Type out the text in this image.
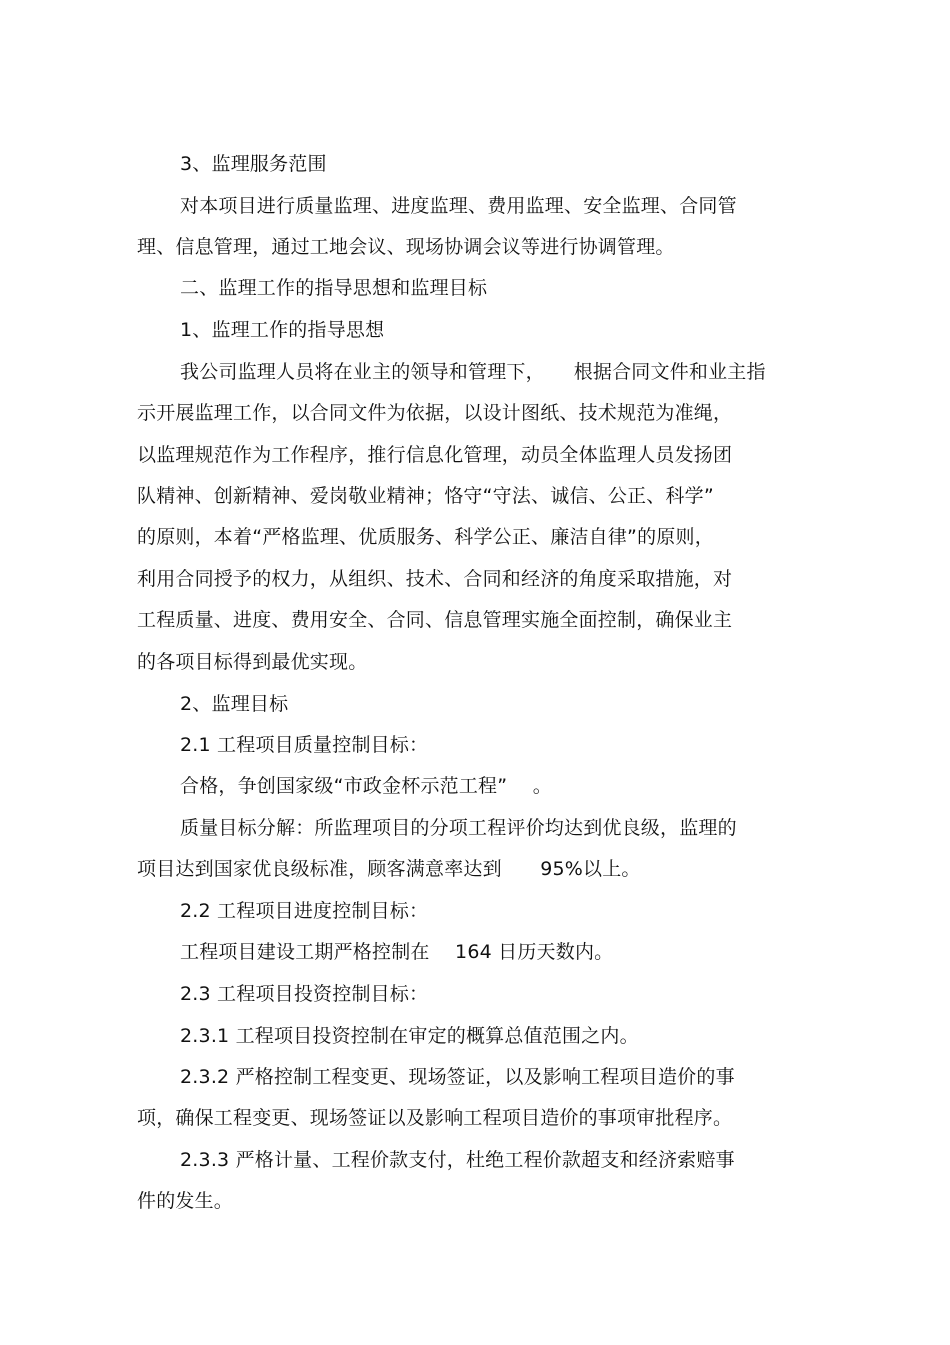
3、监理服务范围
对本项目进行质量监理、进度监理、费用监理、安全监理、合同管
理、信息管理，通过工地会议、现场协调会议等进行协调管理。
二、监理工作的指导思想和监理目标
1、监理工作的指导思想
我公司监理人员将在业主的领导和管理下，　　根据合同文件和业主指
示开展监理工作，以合同文件为依据，以设计图纸、技术规范为准绳，
以监理规范作为工作程序，推行信息化管理，动员全体监理人员发扬团
队精神、创新精神、爱岗敬业精神；恪守“守法、诚信、公正、科学”
的原则，本着“严格监理、优质服务、科学公正、廉洁自律”的原则，
利用合同授予的权力，从组织、技术、合同和经济的角度采取措施，对
工程质量、进度、费用安全、合同、信息管理实施全面控制，确保业主
的各项目标得到最优实现。
2、监理目标
2.1 工程项目质量控制目标：
合格，争创国家级“市政金杯示范工程”　 。
质量目标分解：所监理项目的分项工程评价均达到优良级，监理的
项目达到国家优良级标准，顾客满意率达到　　95%以上。
2.2 工程项目进度控制目标：
工程项目建设工期严格控制在　 164 日历天数内。
2.3 工程项目投资控制目标：
2.3.1 工程项目投资控制在审定的概算总值范围之内。
2.3.2 严格控制工程变更、现场签证，以及影响工程项目造价的事
项，确保工程变更、现场签证以及影响工程项目造价的事项审批程序。
2.3.3 严格计量、工程价款支付，杜绝工程价款超支和经济索赔事
件的发生。
